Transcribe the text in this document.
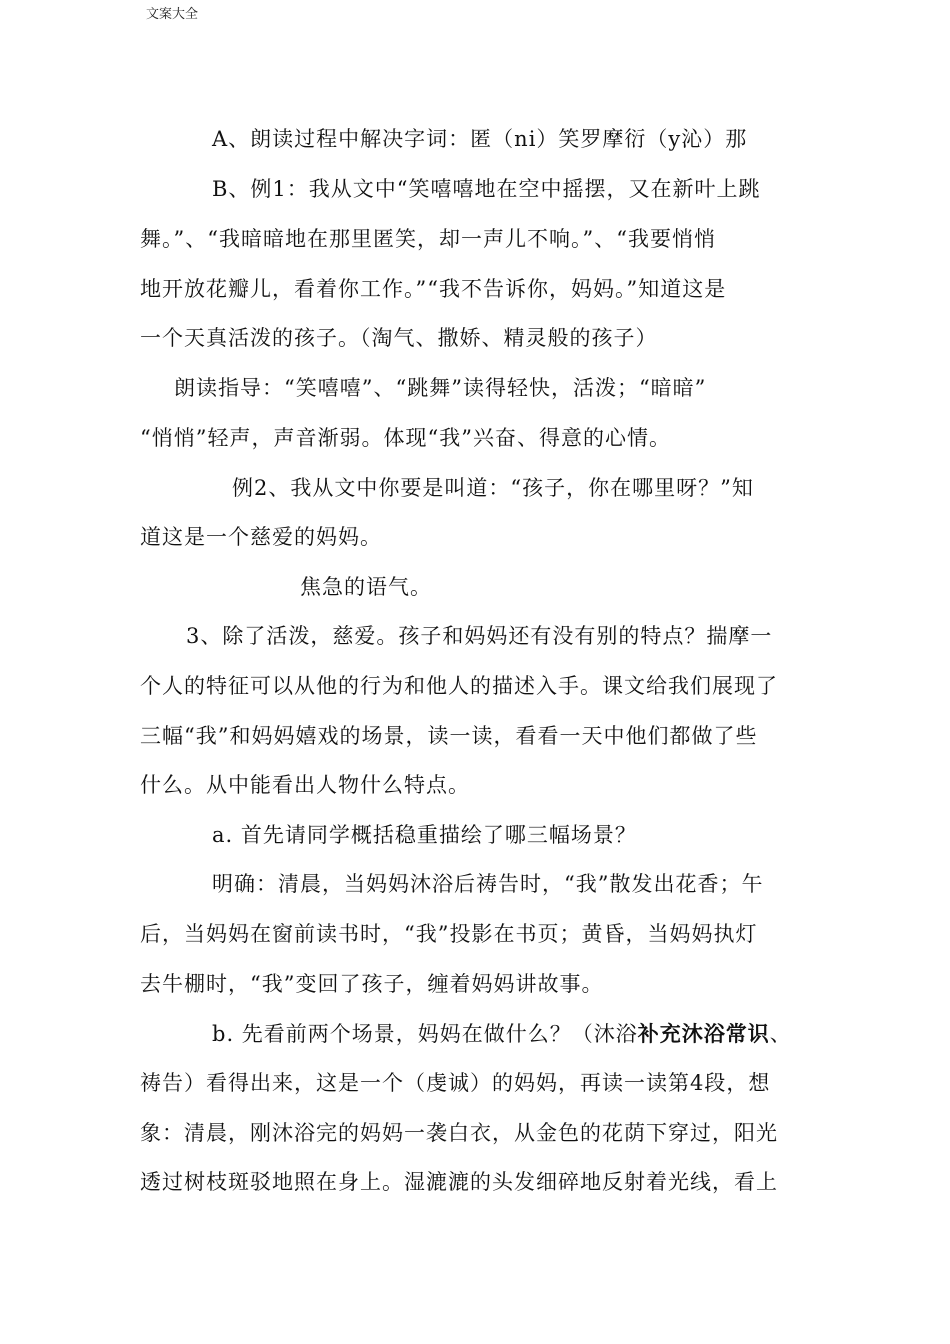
文案大全

A、朗读过程中解决字词：匿（ni）笑罗摩衍（y沁）那

B、例1：我从文中“笑嘻嘻地在空中摇摆，又在新叶上跳

舞。”、“我暗暗地在那里匿笑，却一声儿不响。”、“我要悄悄

地开放花瓣儿，看着你工作。”“我不告诉你，妈妈。”知道这是

一个天真活泼的孩子。（淘气、撒娇、精灵般的孩子）

朗读指导：“笑嘻嘻”、“跳舞”读得轻快，活泼；“暗暗”

“悄悄”轻声，声音渐弱。体现“我”兴奋、得意的心情。

例2、我从文中你要是叫道：“孩子，你在哪里呀？”知

道这是一个慈爱的妈妈。

焦急的语气。

3、除了活泼，慈爱。孩子和妈妈还有没有别的特点？揣摩一

个人的特征可以从他的行为和他人的描述入手。课文给我们展现了

三幅“我”和妈妈嬉戏的场景，读一读，看看一天中他们都做了些

什么。从中能看出人物什么特点。

a. 首先请同学概括稳重描绘了哪三幅场景？

明确：清晨，当妈妈沐浴后祷告时，“我”散发出花香；午

后，当妈妈在窗前读书时，“我”投影在书页；黄昏，当妈妈执灯

去牛棚时，“我”变回了孩子，缠着妈妈讲故事。

b. 先看前两个场景，妈妈在做什么？（沐浴补充沐浴常识、

祷告）看得出来，这是一个（虔诚）的妈妈，再读一读第4段，想

象：清晨，刚沐浴完的妈妈一袭白衣，从金色的花荫下穿过，阳光

透过树枝斑驳地照在身上。湿漉漉的头发细碎地反射着光线，看上
